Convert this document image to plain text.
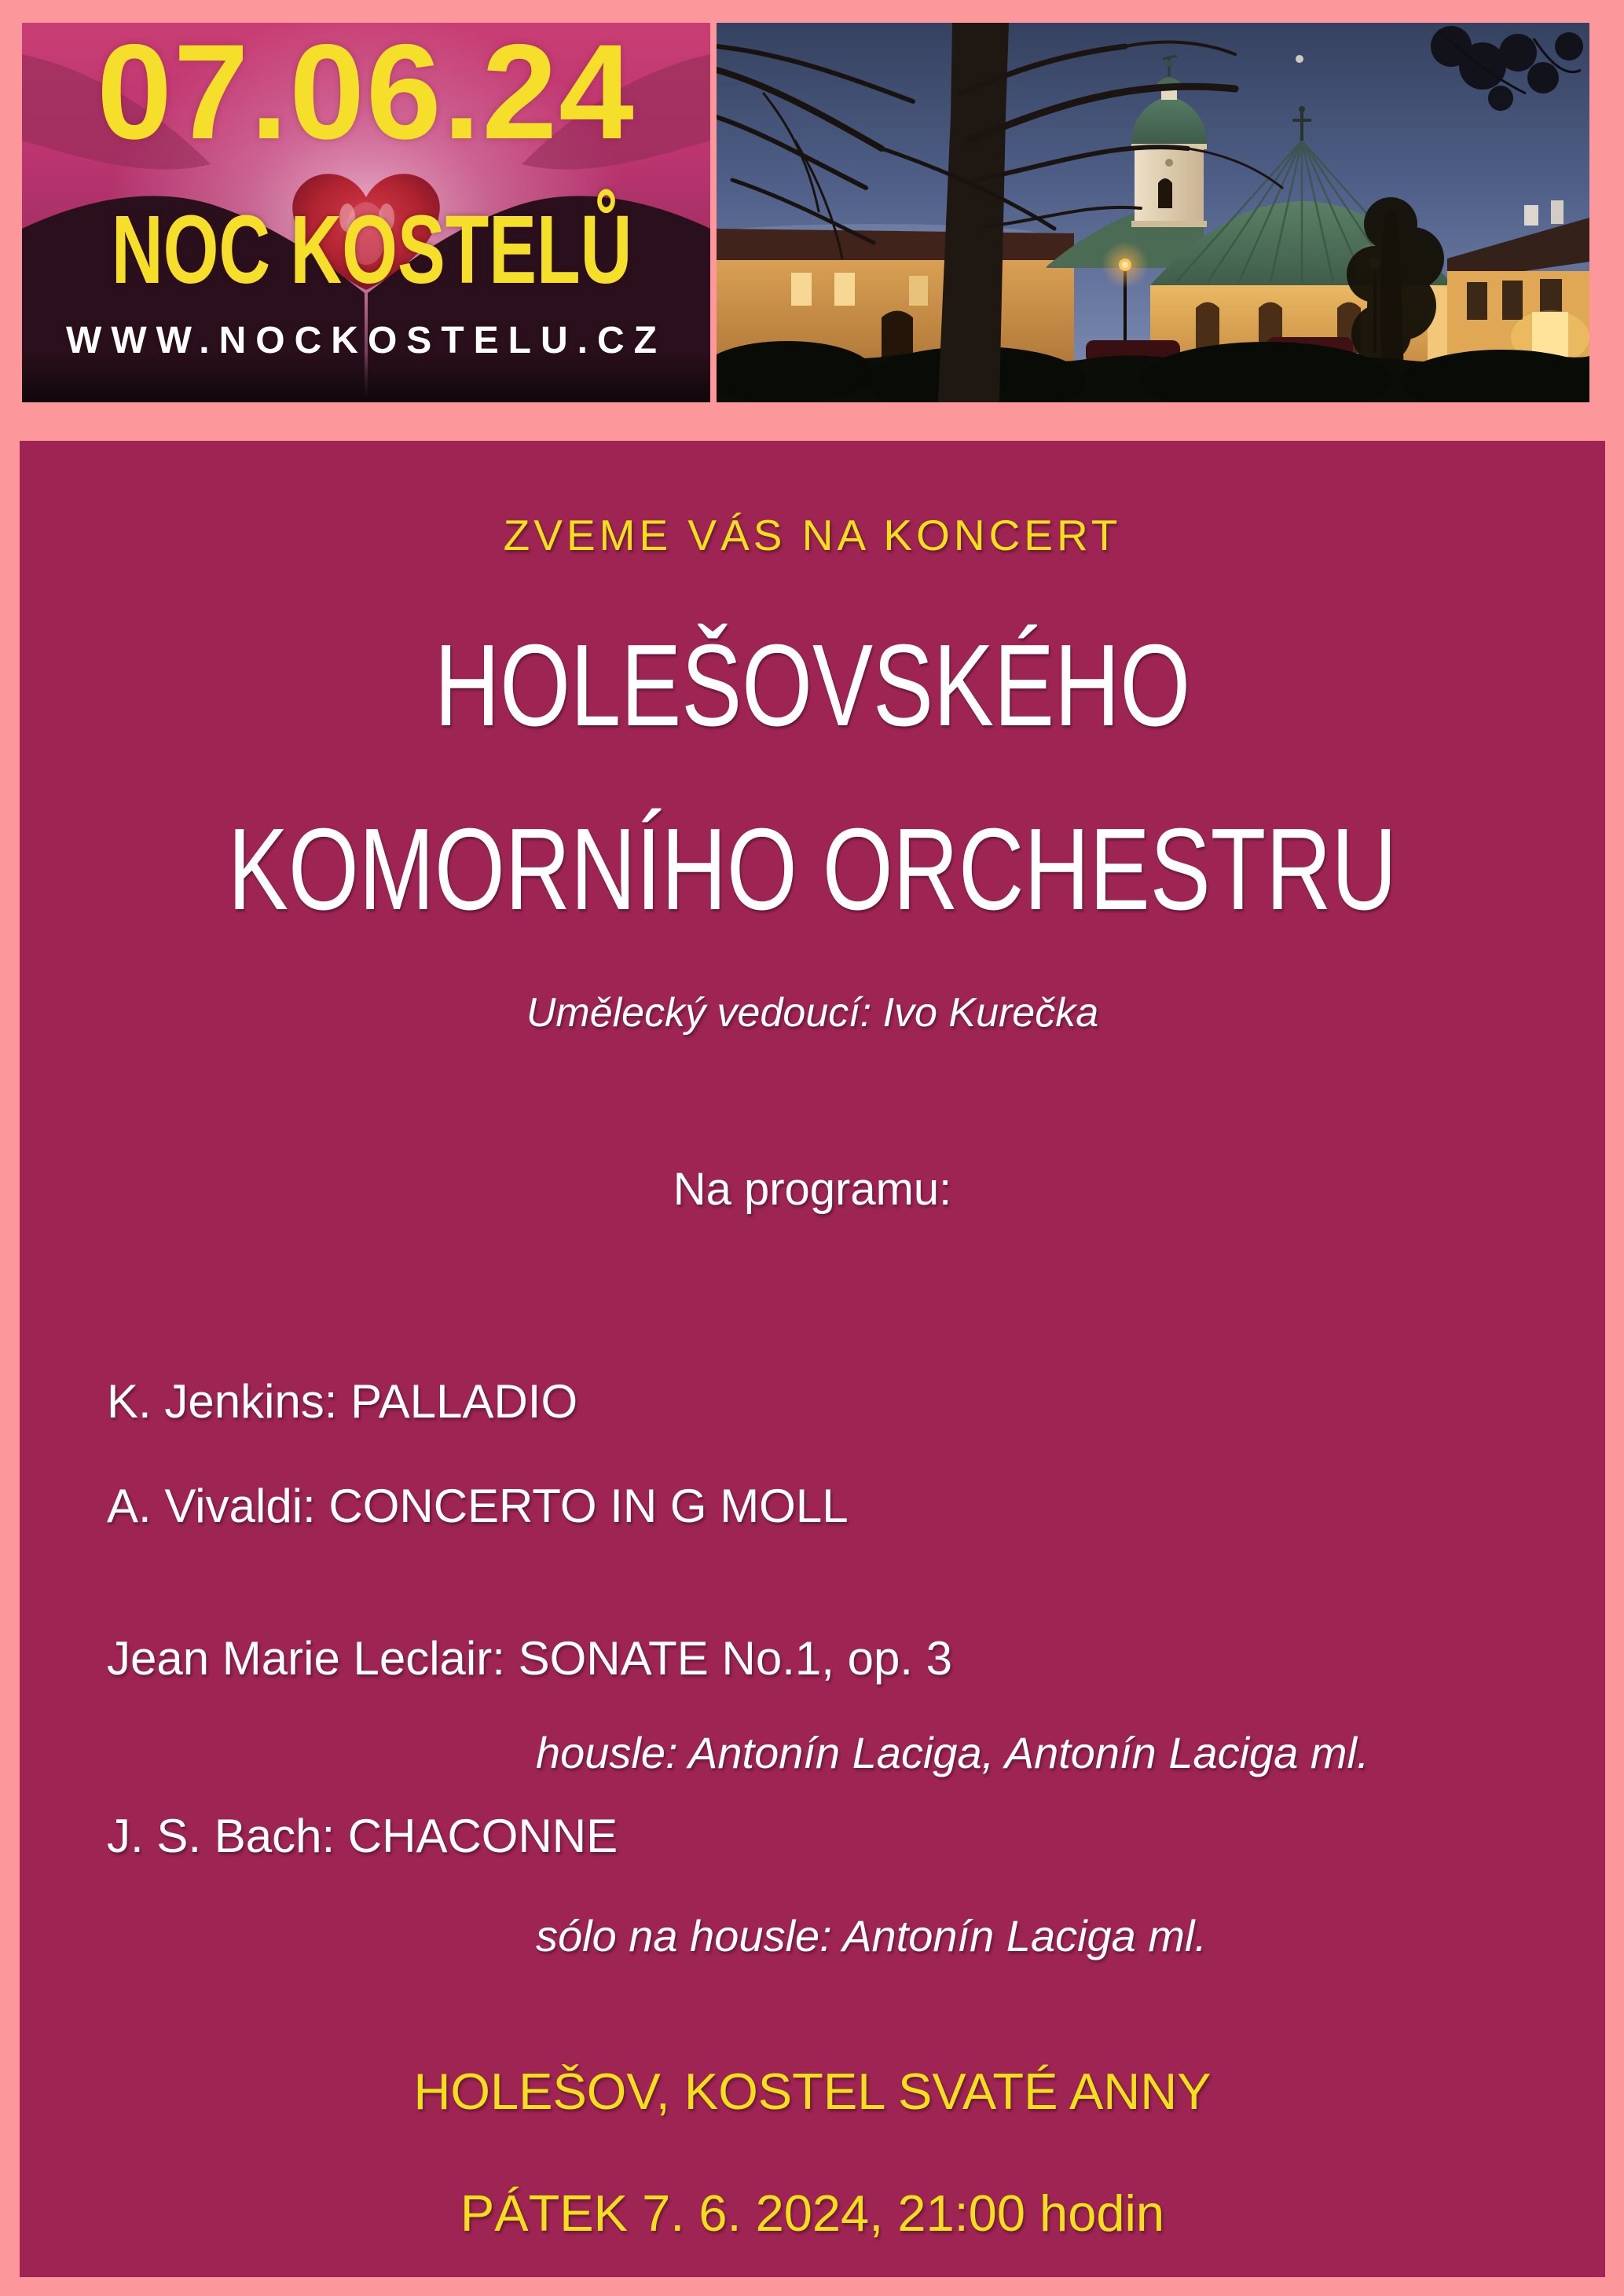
07.06.24
NOC KOSTELŮ
WWW.NOCKOSTELU.CZ
ZVEME VÁS NA KONCERT
HOLEŠOVSKÉHO
KOMORNÍHO ORCHESTRU
Umělecký vedoucí: Ivo Kurečka
Na programu:
K. Jenkins: PALLADIO
A. Vivaldi: CONCERTO IN G MOLL
Jean Marie Leclair: SONATE No.1, op. 3
housle: Antonín Laciga, Antonín Laciga ml.
J. S. Bach: CHACONNE
sólo na housle: Antonín Laciga ml.
HOLEŠOV, KOSTEL SVATÉ ANNY
PÁTEK 7. 6. 2024, 21:00 hodin
